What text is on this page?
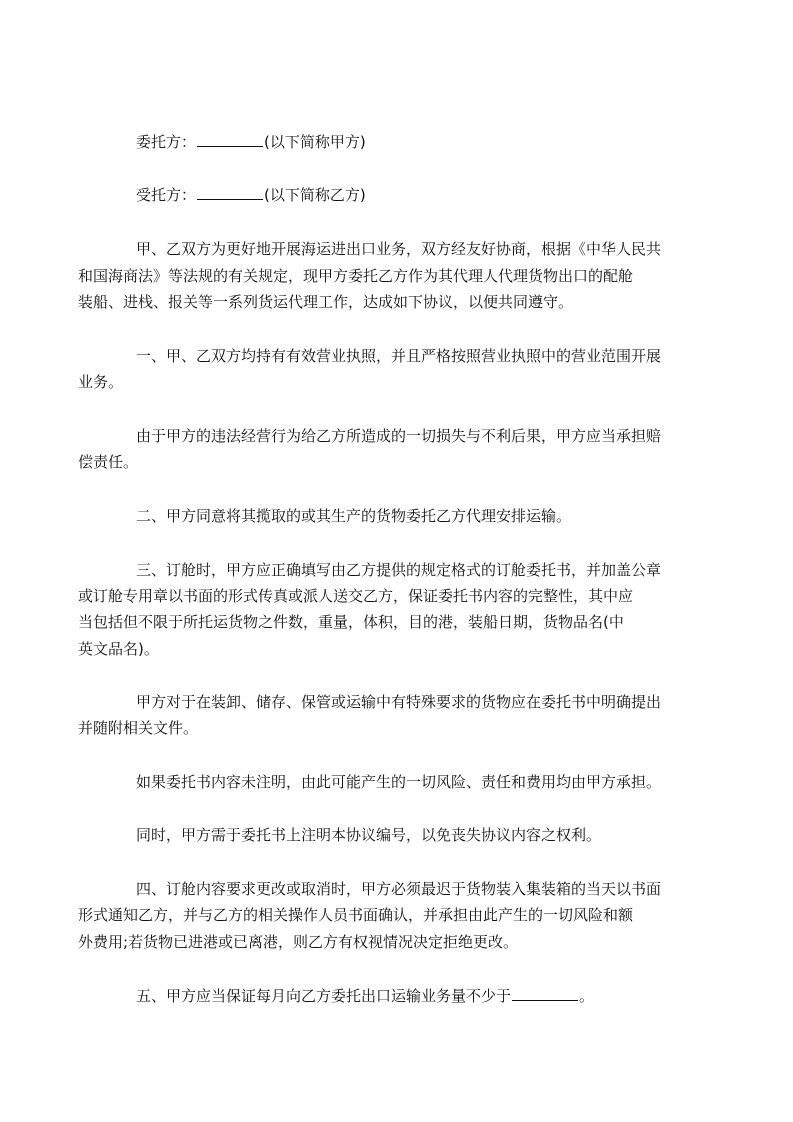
委托方：	(以下简称甲方)
受托方：	(以下简称乙方)
甲、乙双方为更好地开展海运进出口业务，双方经友好协商，根据《中华人民共
和国海商法》等法规的有关规定，现甲方委托乙方作为其代理人代理货物出口的配舱
装船、进栈、报关等一系列货运代理工作，达成如下协议，以便共同遵守。
一、甲、乙双方均持有有效营业执照，并且严格按照营业执照中的营业范围开展
业务。
由于甲方的违法经营行为给乙方所造成的一切损失与不利后果，甲方应当承担赔
偿责任。
二、甲方同意将其揽取的或其生产的货物委托乙方代理安排运输。
三、订舱时，甲方应正确填写由乙方提供的规定格式的订舱委托书，并加盖公章
或订舱专用章以书面的形式传真或派人送交乙方，保证委托书内容的完整性，其中应
当包括但不限于所托运货物之件数，重量，体积，目的港，装船日期，货物品名(中
英文品名)。
甲方对于在装卸、储存、保管或运输中有特殊要求的货物应在委托书中明确提出
并随附相关文件。
如果委托书内容未注明，由此可能产生的一切风险、责任和费用均由甲方承担。
同时，甲方需于委托书上注明本协议编号，以免丧失协议内容之权利。
四、订舱内容要求更改或取消时，甲方必须最迟于货物装入集装箱的当天以书面
形式通知乙方，并与乙方的相关操作人员书面确认，并承担由此产生的一切风险和额
外费用;若货物已进港或已离港，则乙方有权视情况决定拒绝更改。
五、甲方应当保证每月向乙方委托出口运输业务量不少于	。
